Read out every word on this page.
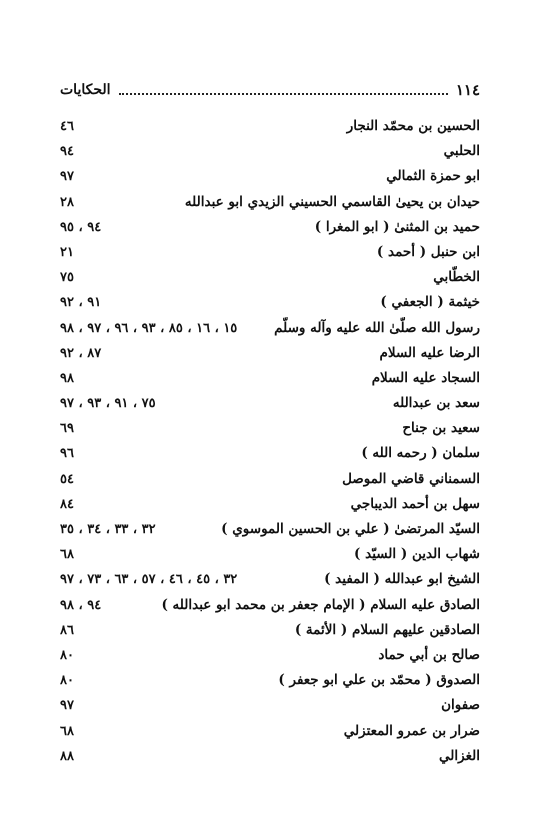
١١٤
الحكايات
الحسين بن محمّد النجار
٤٦
الحلبي
٩٤
ابو حمزة الثمالي
٩٧
حيدان بن يحيىٰ القاسمي الحسيني الزيدي ابو عبدالله
٢٨
حميد بن المثنىٰ ( ابو المغرا )
٩٤ ، ٩٥
ابن حنبل ( أحمد )
٢١
الخطّابي
٧٥
خيثمة ( الجعفي )
٩١ ، ٩٢
رسول الله صلّىٰ الله عليه وآله وسلّم
١٥ ، ١٦ ، ٨٥ ، ٩٣ ، ٩٦ ، ٩٧ ، ٩٨
الرضا عليه السلام
٨٧ ، ٩٢
السجاد عليه السلام
٩٨
سعد بن عبدالله
٧٥ ، ٩١ ، ٩٣ ، ٩٧
سعيد بن جناح
٦٩
سلمان ( رحمه الله )
٩٦
السمناني قاضي الموصل
٥٤
سهل بن أحمد الديباجي
٨٤
السيّد المرتضىٰ ( علي بن الحسين الموسوي )
٣٢ ، ٣٣ ، ٣٤ ، ٣٥
شهاب الدين ( السيّد )
٦٨
الشيخ ابو عبدالله ( المفيد )
٣٢ ، ٤٥ ، ٤٦ ، ٥٧ ، ٦٣ ، ٧٣ ، ٩٧
الصادق عليه السلام ( الإمام جعفر بن محمد ابو عبدالله )
٩٤ ، ٩٨
الصادقين عليهم السلام ( الأئمة )
٨٦
صالح بن أبي حماد
٨٠
الصدوق ( محمّد بن علي ابو جعفر )
٨٠
صفوان
٩٧
ضرار بن عمرو المعتزلي
٦٨
الغزالي
٨٨
